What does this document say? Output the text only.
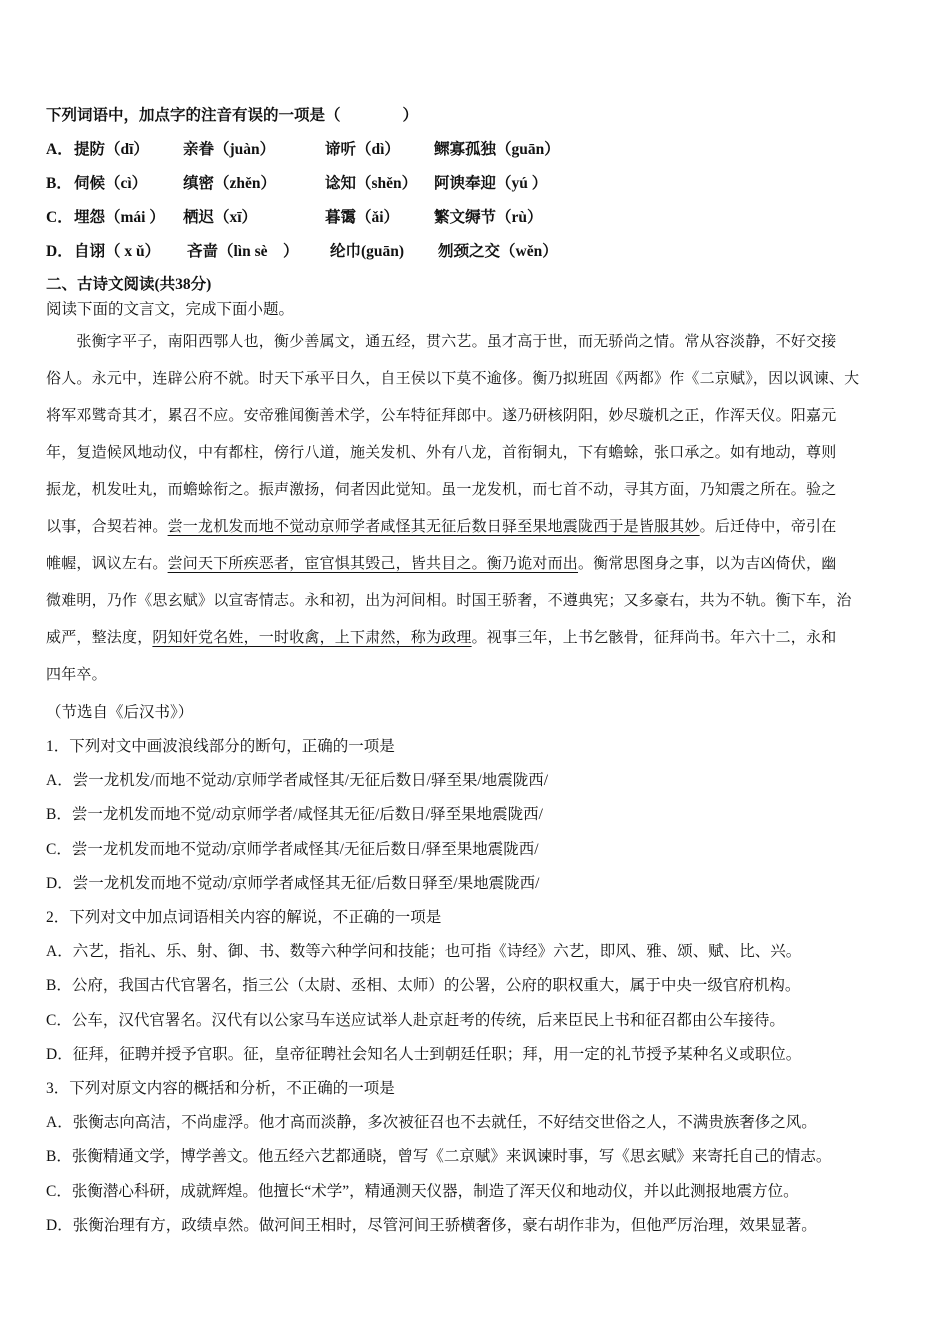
下列词语中，加点字的注音有误的一项是（　　　　）
A． 提防（dī） 亲眷（juàn）	谛听（dì） 鳏寡孤独（guān）
B． 伺候（cì） 缜密（zhěn）	谂知（shěn） 阿谀奉迎（yú ）
C． 埋怨（mái ） 栖迟（xī）	暮霭（ǎi） 繁文缛节（rù）
D． 自诩（ x ǔ） 吝啬（lìn sè　） 纶巾(guān) 刎颈之交（wěn）
二、古诗文阅读(共38分)
阅读下面的文言文，完成下面小题。
　　张衡字平子，南阳西鄂人也，衡少善属文，通五经，贯六艺。虽才高于世，而无骄尚之情。常从容淡静，不好交接
俗人。永元中，连辟公府不就。时天下承平日久，自王侯以下莫不逾侈。衡乃拟班固《两都》作《二京赋》，因以讽谏、大
将军邓骘奇其才，累召不应。安帝雅闻衡善术学，公车特征拜郎中。遂乃研核阴阳，妙尽璇机之正，作浑天仪。阳嘉元
年，复造候风地动仪，中有都柱，傍行八道，施关发机、外有八龙，首衔铜丸，下有蟾蜍，张口承之。如有地动，尊则
振龙，机发吐丸，而蟾蜍衔之。振声激扬，伺者因此觉知。虽一龙发机，而七首不动，寻其方面，乃知震之所在。验之
以事，合契若神。尝一龙机发而地不觉动京师学者咸怪其无征后数日驿至果地震陇西于是皆服其妙。后迁侍中，帝引在
帷幄，讽议左右。尝问天下所疾恶者，宦官惧其毁己，皆共目之。衡乃诡对而出。衡常思图身之事，以为吉凶倚伏，幽
微难明，乃作《思玄赋》以宣寄情志。永和初，出为河间相。时国王骄奢，不遵典宪；又多豪右，共为不轨。衡下车，治
威严，整法度，阴知奸党名姓，一时收禽，上下肃然，称为政理。视事三年，上书乞骸骨，征拜尚书。年六十二，永和
四年卒。
（节选自《后汉书》）
1．下列对文中画波浪线部分的断句，正确的一项是
A．尝一龙机发/而地不觉动/京师学者咸怪其/无征后数日/驿至果/地震陇西/
B．尝一龙机发而地不觉/动京师学者/咸怪其无征/后数日/驿至果地震陇西/
C．尝一龙机发而地不觉动/京师学者咸怪其/无征后数日/驿至果地震陇西/
D．尝一龙机发而地不觉动/京师学者咸怪其无征/后数日驿至/果地震陇西/
2．下列对文中加点词语相关内容的解说，不正确的一项是
A．六艺，指礼、乐、射、御、书、数等六种学问和技能；也可指《诗经》六艺，即风、雅、颂、赋、比、兴。
B．公府，我国古代官署名，指三公（太尉、丞相、太师）的公署，公府的职权重大，属于中央一级官府机构。
C．公车，汉代官署名。汉代有以公家马车送应试举人赴京赶考的传统，后来臣民上书和征召都由公车接待。
D．征拜，征聘并授予官职。征，皇帝征聘社会知名人士到朝廷任职；拜，用一定的礼节授予某种名义或职位。
3．下列对原文内容的概括和分析，不正确的一项是
A．张衡志向高洁，不尚虚浮。他才高而淡静，多次被征召也不去就任，不好结交世俗之人，不满贵族奢侈之风。
B．张衡精通文学，博学善文。他五经六艺都通晓，曾写《二京赋》来讽谏时事，写《思玄赋》来寄托自己的情志。
C．张衡潜心科研，成就辉煌。他擅长“术学”，精通测天仪器，制造了浑天仪和地动仪，并以此测报地震方位。
D．张衡治理有方，政绩卓然。做河间王相时，尽管河间王骄横奢侈，豪右胡作非为，但他严厉治理，效果显著。
